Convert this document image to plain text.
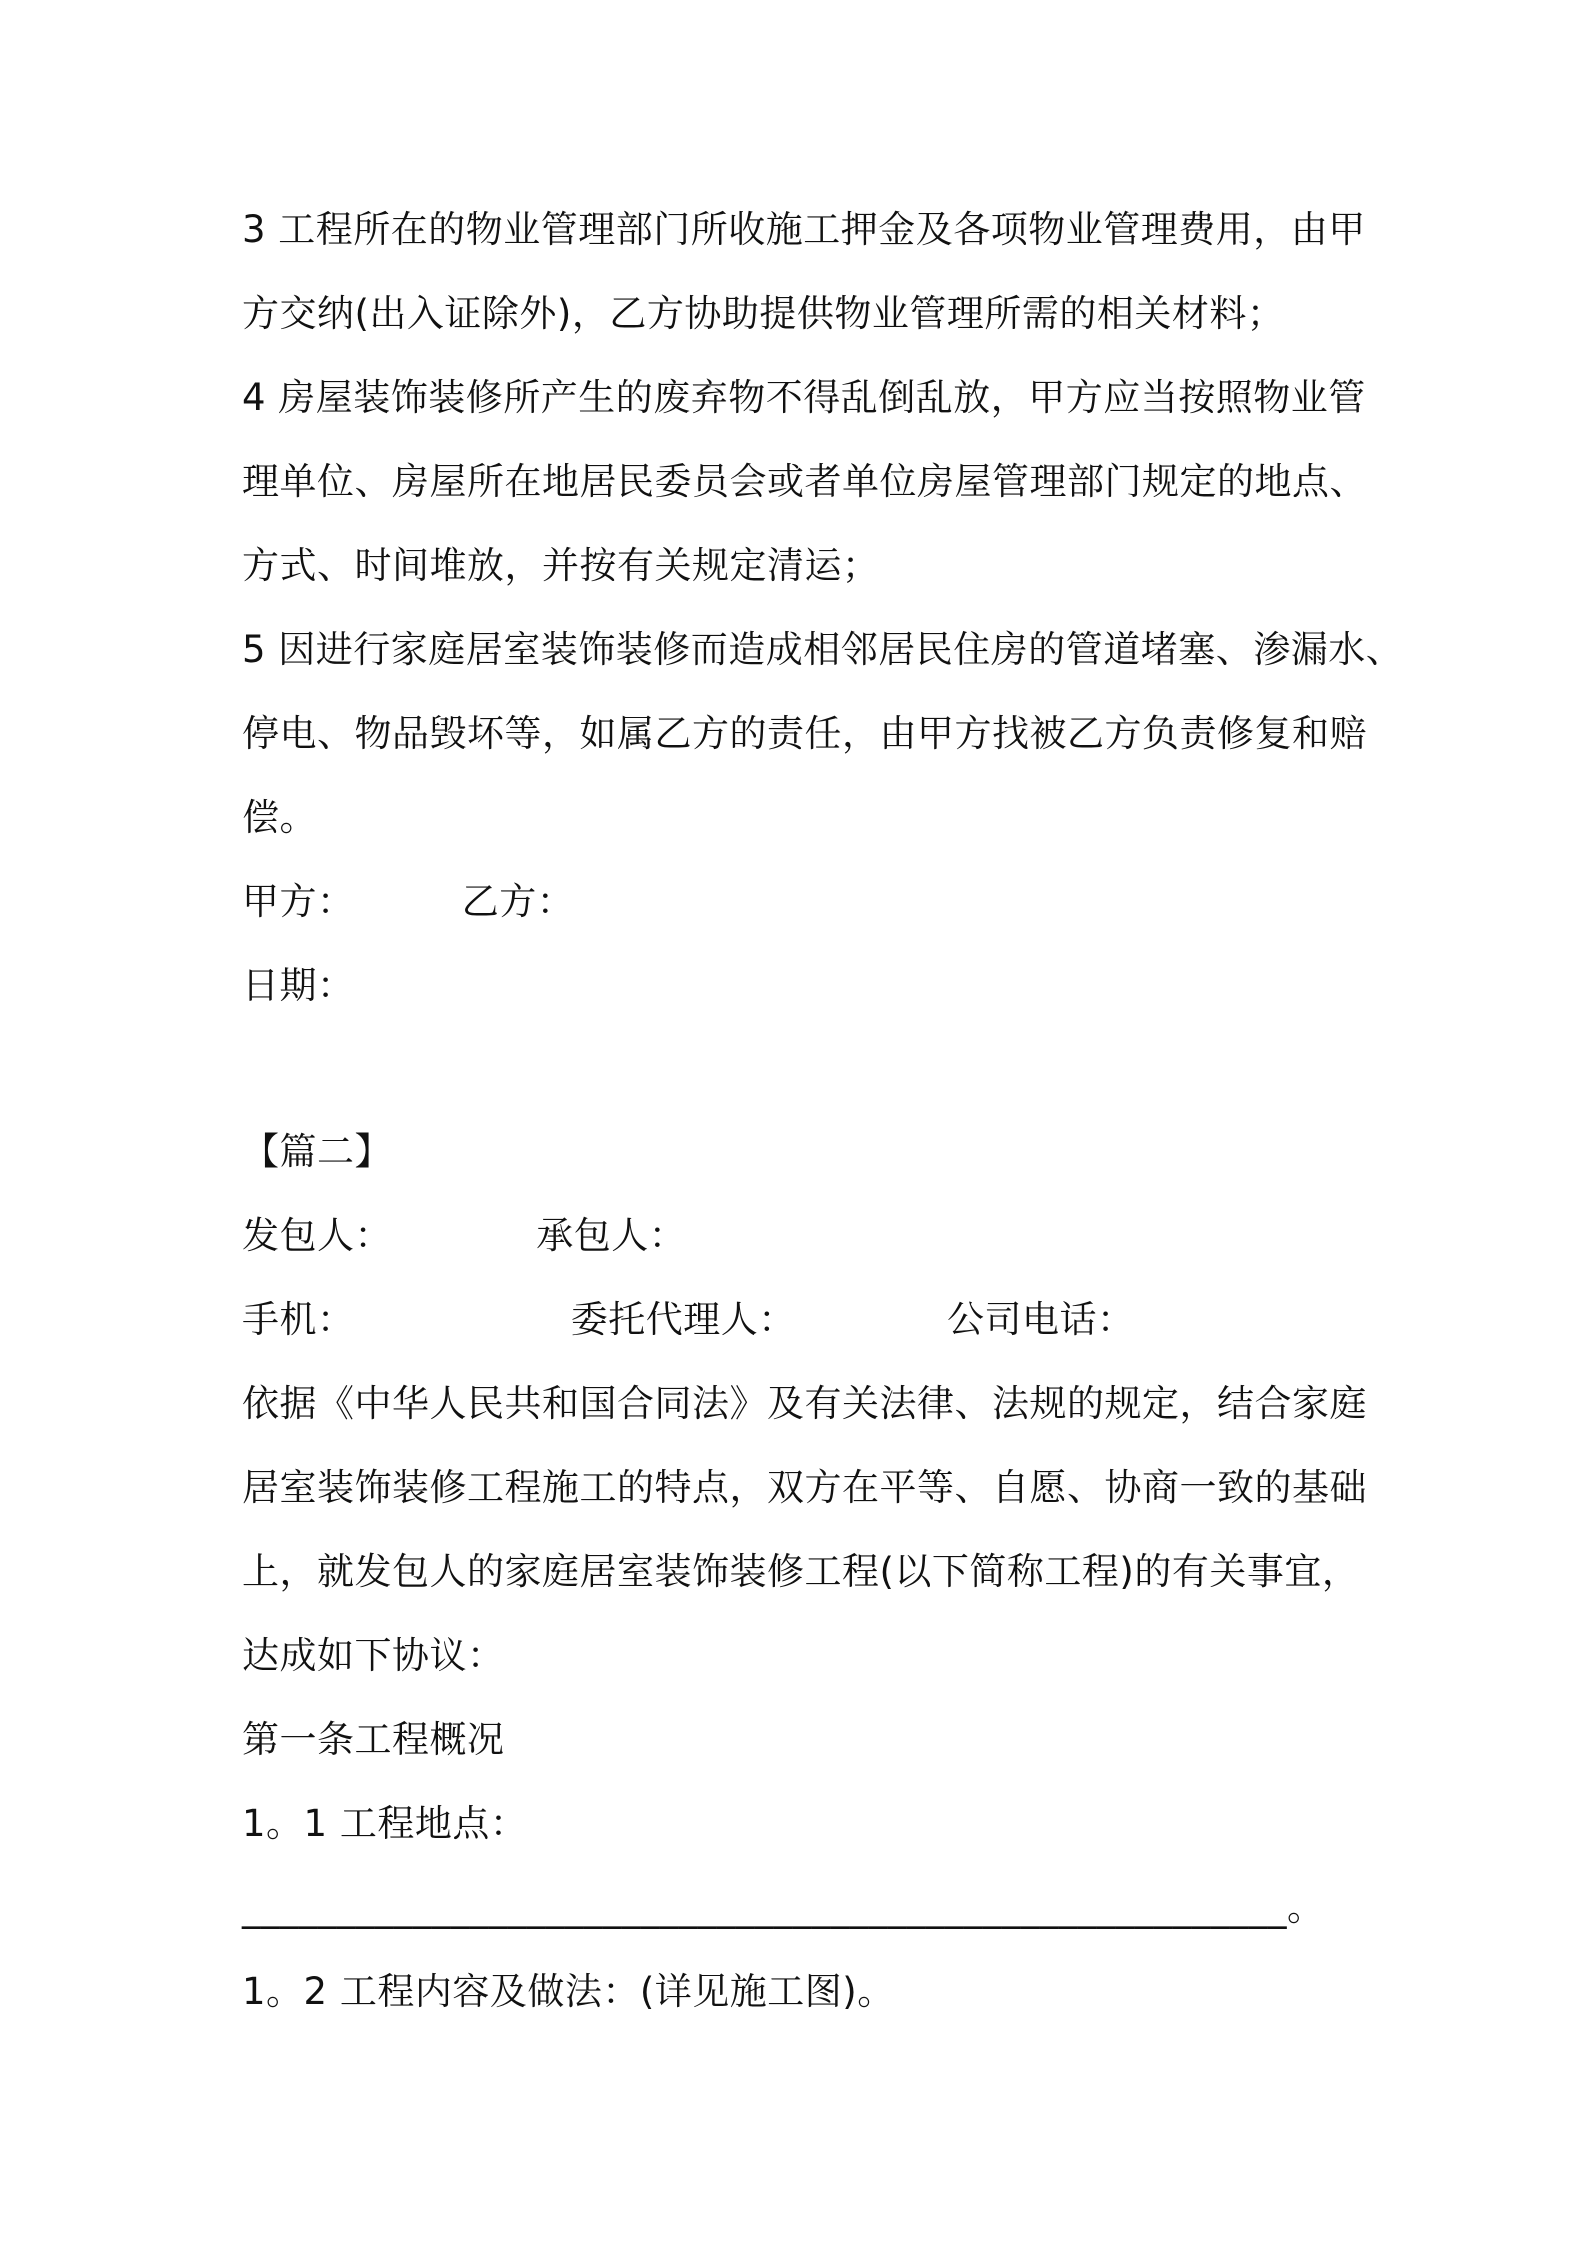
3 工程所在的物业管理部门所收施工押金及各项物业管理费用，由甲
方交纳(出入证除外)，乙方协助提供物业管理所需的相关材料；
4 房屋装饰装修所产生的废弃物不得乱倒乱放，甲方应当按照物业管
理单位、房屋所在地居民委员会或者单位房屋管理部门规定的地点、
方式、时间堆放，并按有关规定清运；
5 因进行家庭居室装饰装修而造成相邻居民住房的管道堵塞、渗漏水、
停电、物品毁坏等，如属乙方的责任，由甲方找被乙方负责修复和赔
偿。
甲方：	乙方：
日期：
【篇二】
发包人：	承包人：
手机：	委托代理人：	公司电话：
依据《中华人民共和国合同法》及有关法律、法规的规定，结合家庭
居室装饰装修工程施工的特点，双方在平等、自愿、协商一致的基础
上，就发包人的家庭居室装饰装修工程(以下简称工程)的有关事宜，
达成如下协议：
第一条工程概况
1。1 工程地点：
_______________________________________________________。
1。2 工程内容及做法：(详见施工图)。
